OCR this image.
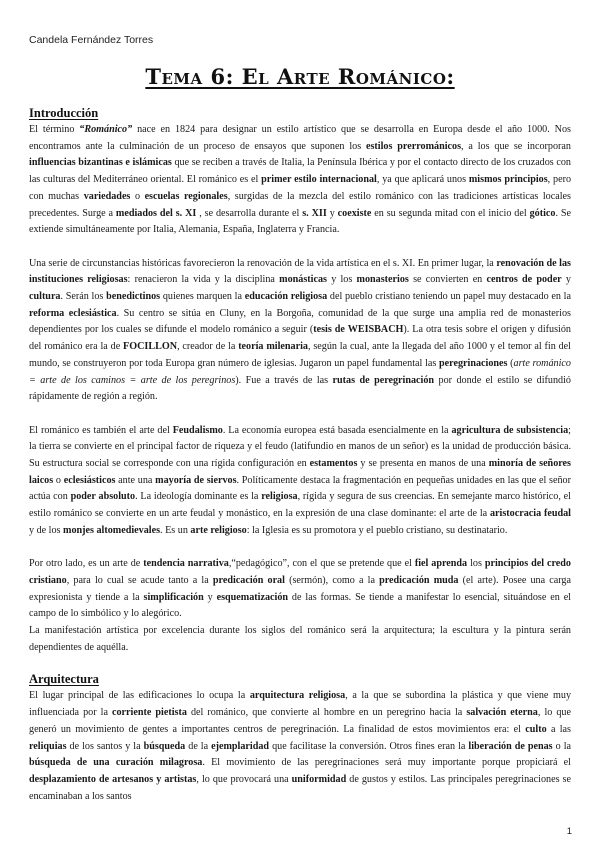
Candela Fernández Torres
Tema 6: El Arte Románico:
Introducción

El término “Románico” nace en 1824 para designar un estilo artístico que se desarrolla en Europa desde el año 1000. Nos encontramos ante la culminación de un proceso de ensayos que suponen los estilos prerrománicos, a los que se incorporan influencias bizantinas e islámicas que se reciben a través de Italia, la Península Ibérica y por el contacto directo de los cruzados con las culturas del Mediterráneo oriental. El románico es el primer estilo internacional, ya que aplicará unos mismos principios, pero con muchas variedades o escuelas regionales, surgidas de la mezcla del estilo románico con las tradiciones artísticas locales precedentes. Surge a mediados del s. XI , se desarrolla durante el s. XII y coexiste en su segunda mitad con el inicio del gótico. Se extiende simultáneamente por Italia, Alemania, España, Inglaterra y Francia.

Una serie de circunstancias históricas favorecieron la renovación de la vida artística en el s. XI. En primer lugar, la renovación de las instituciones religiosas: renacieron la vida y la disciplina monásticas y los monasterios se convierten en centros de poder y cultura. Serán los benedictinos quienes marquen la educación religiosa del pueblo cristiano teniendo un papel muy destacado en la reforma eclesiástica. Su centro se sitúa en Cluny, en la Borgoña, comunidad de la que surge una amplia red de monasterios dependientes por los cuales se difunde el modelo románico a seguir (tesis de WEISBACH). La otra tesis sobre el origen y difusión del románico era la de FOCILLON, creador de la teoría milenaria, según la cual, ante la llegada del año 1000 y el temor al fin del mundo, se construyeron por toda Europa gran número de iglesias. Jugaron un papel fundamental las peregrinaciones (arte románico = arte de los caminos = arte de los peregrinos). Fue a través de las rutas de peregrinación por donde el estilo se difundió rápidamente de región a región.

El románico es también el arte del Feudalismo. La economía europea está basada esencialmente en la agricultura de subsistencia; la tierra se convierte en el principal factor de riqueza y el feudo (latifundio en manos de un señor) es la unidad de producción básica. Su estructura social se corresponde con una rígida configuración en estamentos y se presenta en manos de una minoría de señores laicos o eclesiásticos ante una mayoría de siervos. Políticamente destaca la fragmentación en pequeñas unidades en las que el señor actúa con poder absoluto. La ideología dominante es la religiosa, rígida y segura de sus creencias. En semejante marco histórico, el estilo románico se convierte en un arte feudal y monástico, en la expresión de una clase dominante: el arte de la aristocracia feudal y de los monjes altomedievales. Es un arte religioso: la Iglesia es su promotora y el pueblo cristiano, su destinatario.

Por otro lado, es un arte de tendencia narrativa,“pedagógico”, con el que se pretende que el fiel aprenda los principios del credo cristiano, para lo cual se acude tanto a la predicación oral (sermón), como a la predicación muda (el arte). Posee una carga expresionista y tiende a la simplificación y esquematización de las formas. Se tiende a manifestar lo esencial, situándose en el campo de lo simbólico y lo alegórico.

La manifestación artística por excelencia durante los siglos del románico será la arquitectura; la escultura y la pintura serán dependientes de aquélla.

Arquitectura

El lugar principal de las edificaciones lo ocupa la arquitectura religiosa, a la que se subordina la plástica y que viene muy influenciada por la corriente pietista del románico, que convierte al hombre en un peregrino hacia la salvación eterna, lo que generó un movimiento de gentes a importantes centros de peregrinación. La finalidad de estos movimientos era: el culto a las reliquias de los santos y la búsqueda de la ejemplaridad que facilitase la conversión. Otros fines eran la liberación de penas o la búsqueda de una curación milagrosa. El movimiento de las peregrinaciones será muy importante porque propiciará el desplazamiento de artesanos y artistas, lo que provocará una uniformidad de gustos y estilos. Las principales peregrinaciones se encaminaban a los santos

1
